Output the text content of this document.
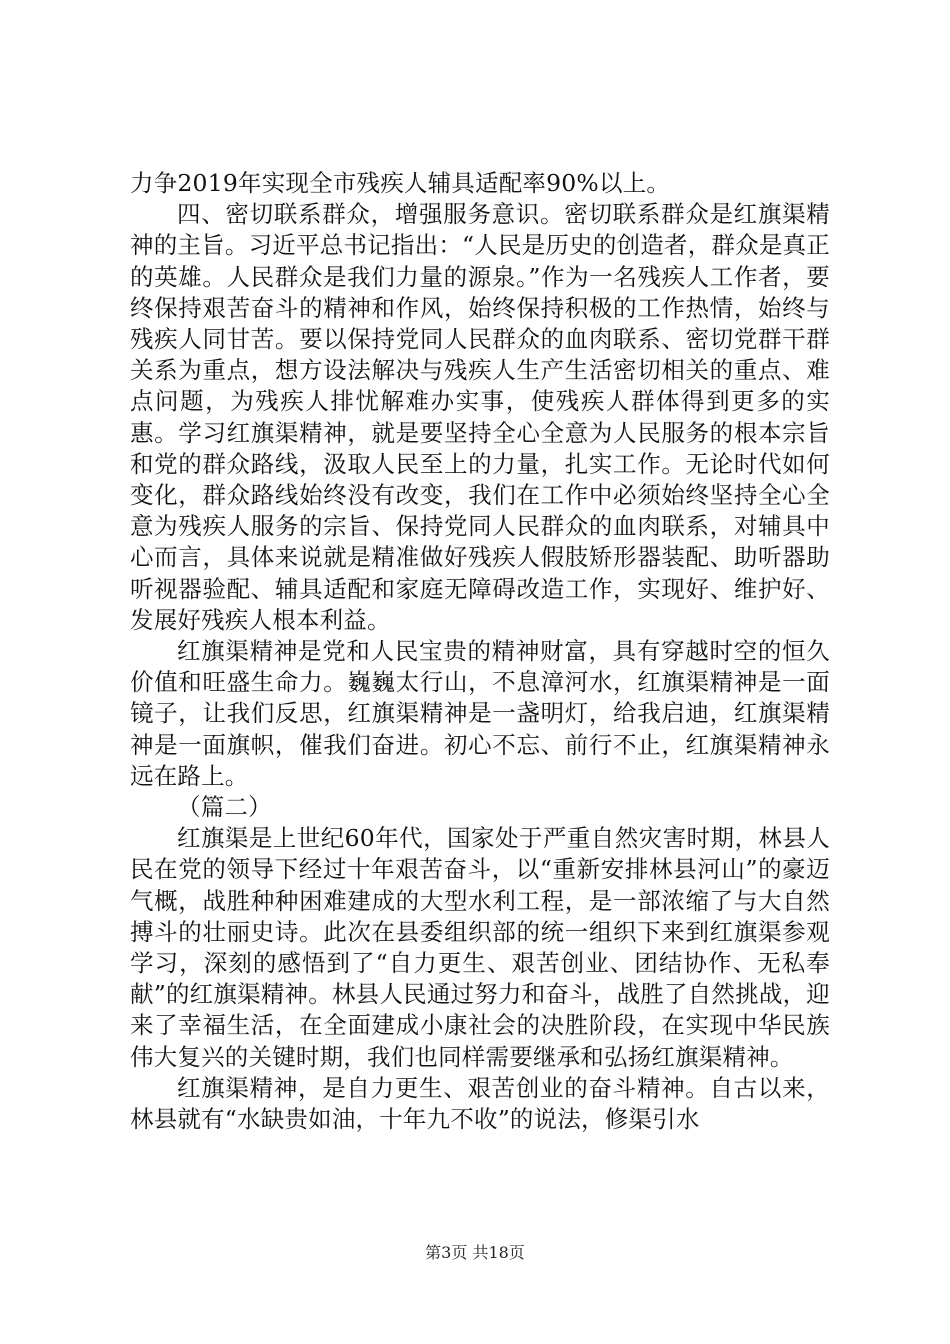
力争2019年实现全市残疾人辅具适配率90%以上。

四、密切联系群众，增强服务意识。密切联系群众是红旗渠精神的主旨。习近平总书记指出：“人民是历史的创造者，群众是真正的英雄。人民群众是我们力量的源泉。”作为一名残疾人工作者，要终保持艰苦奋斗的精神和作风，始终保持积极的工作热情，始终与残疾人同甘苦。要以保持党同人民群众的血肉联系、密切党群干群关系为重点，想方设法解决与残疾人生产生活密切相关的重点、难点问题，为残疾人排忧解难办实事，使残疾人群体得到更多的实惠。学习红旗渠精神，就是要坚持全心全意为人民服务的根本宗旨和党的群众路线，汲取人民至上的力量，扎实工作。无论时代如何变化，群众路线始终没有改变，我们在工作中必须始终坚持全心全意为残疾人服务的宗旨、保持党同人民群众的血肉联系，对辅具中心而言，具体来说就是精准做好残疾人假肢矫形器装配、助听器助听视器验配、辅具适配和家庭无障碍改造工作，实现好、维护好、发展好残疾人根本利益。

红旗渠精神是党和人民宝贵的精神财富，具有穿越时空的恒久价值和旺盛生命力。巍巍太行山，不息漳河水，红旗渠精神是一面镜子，让我们反思，红旗渠精神是一盏明灯，给我启迪，红旗渠精神是一面旗帜，催我们奋进。初心不忘、前行不止，红旗渠精神永远在路上。

（篇二）

红旗渠是上世纪60年代，国家处于严重自然灾害时期，林县人民在党的领导下经过十年艰苦奋斗，以“重新安排林县河山”的豪迈气概，战胜种种困难建成的大型水利工程，是一部浓缩了与大自然搏斗的壮丽史诗。此次在县委组织部的统一组织下来到红旗渠参观学习，深刻的感悟到了“自力更生、艰苦创业、团结协作、无私奉献”的红旗渠精神。林县人民通过努力和奋斗，战胜了自然挑战，迎来了幸福生活，在全面建成小康社会的决胜阶段，在实现中华民族伟大复兴的关键时期，我们也同样需要继承和弘扬红旗渠精神。

红旗渠精神，是自力更生、艰苦创业的奋斗精神。自古以来，林县就有“水缺贵如油，十年九不收”的说法，修渠引水

第3页 共18页
